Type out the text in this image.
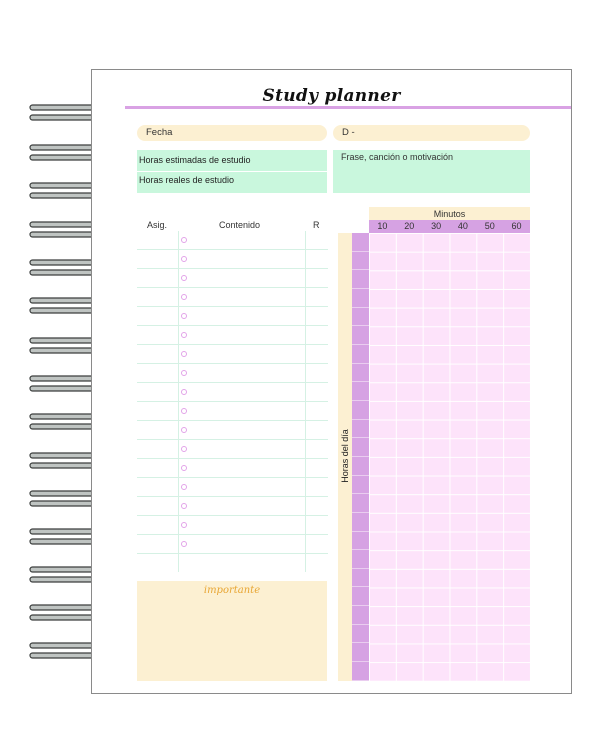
Study planner
Fecha	D -
Horas estimadas de estudio
Horas reales de estudio
Frase, canción o motivación
Asig.	Contenido	R
importante
Horas del día
Minutos
10	20	30	40	50	60
